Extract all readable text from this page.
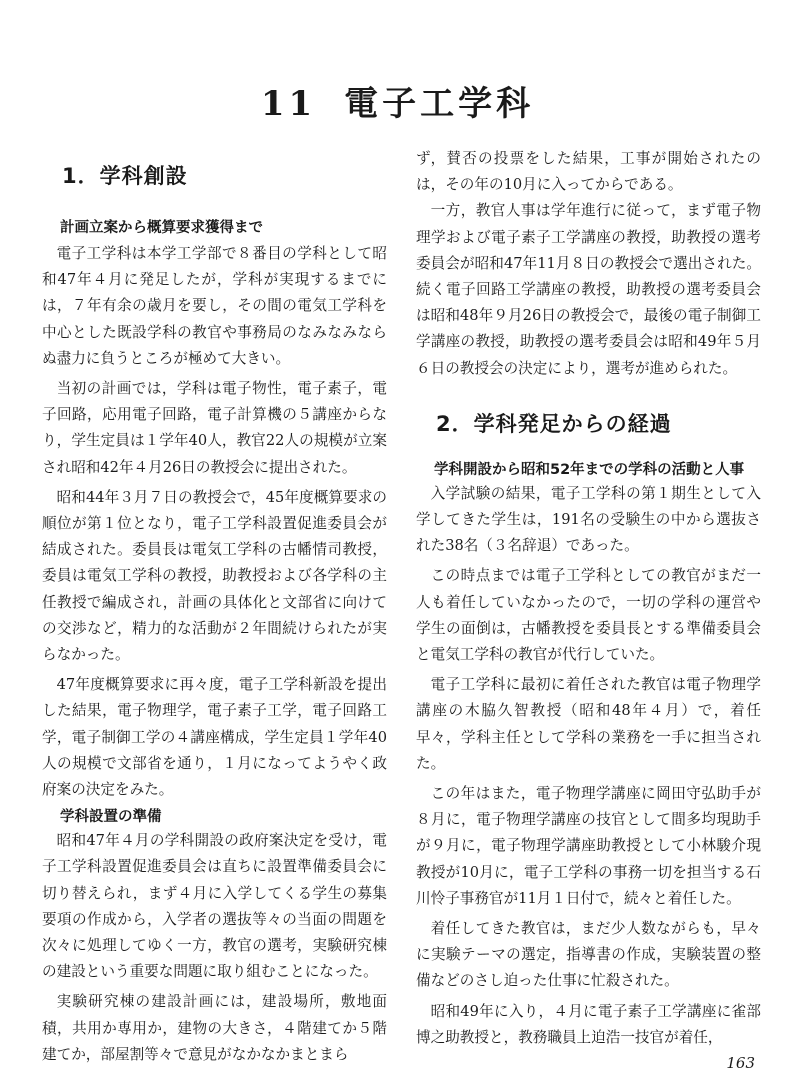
11 電子工学科
1．学科創設
計画立案から概算要求獲得まで

電子工学科は本学工学部で８番目の学科として昭和47年４月に発足したが，学科が実現するまでには，７年有余の歳月を要し，その間の電気工学科を中心とした既設学科の教官や事務局のなみなみならぬ盡力に負うところが極めて大きい。

当初の計画では，学科は電子物性，電子素子，電子回路，応用電子回路，電子計算機の５講座からなり，学生定員は１学年40人，教官22人の規模が立案され昭和42年４月26日の教授会に提出された。

昭和44年３月７日の教授会で，45年度概算要求の順位が第１位となり，電子工学科設置促進委員会が結成された。委員長は電気工学科の古幡情司教授，委員は電気工学科の教授，助教授および各学科の主任教授で編成され，計画の具体化と文部省に向けての交渉など，精力的な活動が２年間続けられたが実らなかった。

47年度概算要求に再々度，電子工学科新設を提出した結果，電子物理学，電子素子工学，電子回路工学，電子制御工学の４講座構成，学生定員１学年40人の規模で文部省を通り，１月になってようやく政府案の決定をみた。

学科設置の準備

昭和47年４月の学科開設の政府案決定を受け，電子工学科設置促進委員会は直ちに設置準備委員会に切り替えられ，まず４月に入学してくる学生の募集要項の作成から，入学者の選抜等々の当面の問題を次々に処理してゆく一方，教官の選考，実験研究棟の建設という重要な問題に取り組むことになった。

実験研究棟の建設計画には，建設場所，敷地面積，共用か専用か，建物の大きさ，４階建てか５階建てか，部屋割等々で意見がなかなかまとまら

ず，賛否の投票をした結果，工事が開始されたのは，その年の10月に入ってからである。

一方，教官人事は学年進行に従って，まず電子物理学および電子素子工学講座の教授，助教授の選考委員会が昭和47年11月８日の教授会で選出された。続く電子回路工学講座の教授，助教授の選考委員会は昭和48年９月26日の教授会で，最後の電子制御工学講座の教授，助教授の選考委員会は昭和49年５月６日の教授会の決定により，選考が進められた。

2．学科発足からの経過
学科開設から昭和52年までの学科の活動と人事

入学試験の結果，電子工学科の第１期生として入学してきた学生は，191名の受験生の中から選抜された38名（３名辞退）であった。

この時点までは電子工学科としての教官がまだ一人も着任していなかったので，一切の学科の運営や学生の面倒は，古幡教授を委員長とする準備委員会と電気工学科の教官が代行していた。

電子工学科に最初に着任された教官は電子物理学講座の木脇久智教授（昭和48年４月）で，着任早々，学科主任として学科の業務を一手に担当された。

この年はまた，電子物理学講座に岡田守弘助手が８月に，電子物理学講座の技官として間多均現助手が９月に，電子物理学講座助教授として小林駿介現教授が10月に，電子工学科の事務一切を担当する石川怜子事務官が11月１日付で，続々と着任した。

着任してきた教官は，まだ少人数ながらも，早々に実験テーマの選定，指導書の作成，実験装置の整備などのさし迫った仕事に忙殺された。

昭和49年に入り，４月に電子素子工学講座に雀部博之助教授と，教務職員上迫浩一技官が着任，

163
